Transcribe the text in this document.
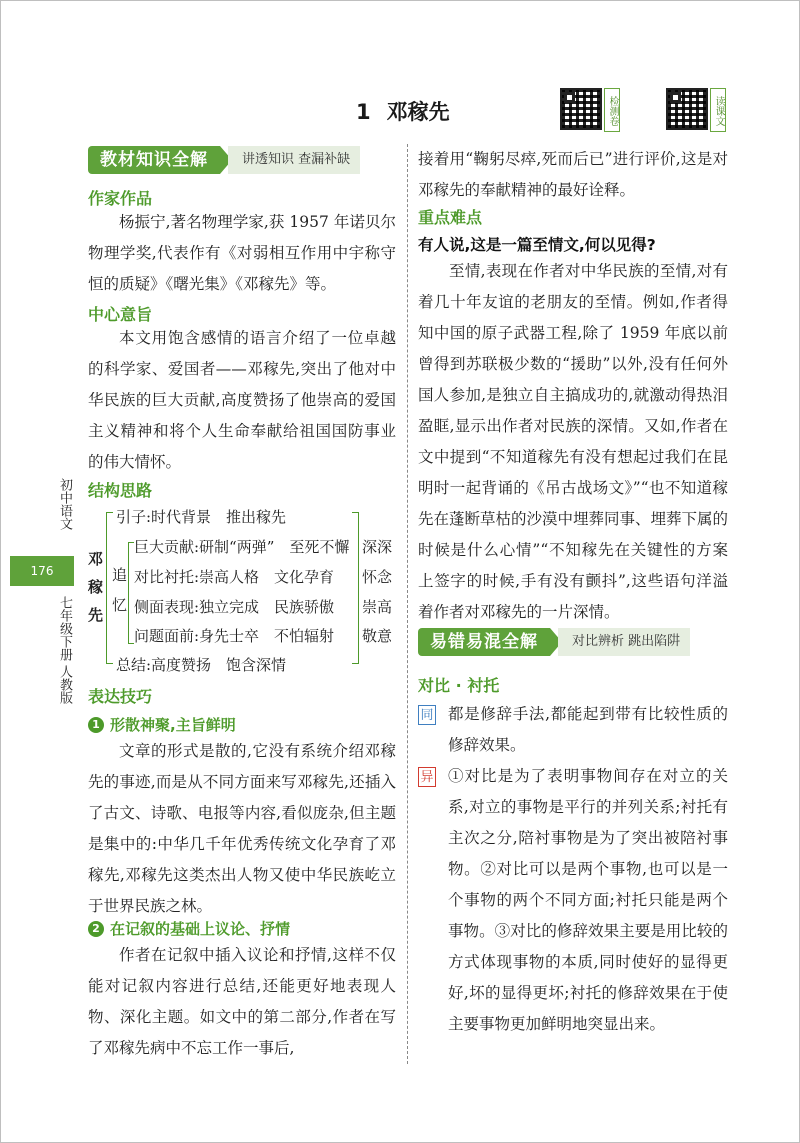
1 邓稼先	检测卷	读课文
初中语文
176
七年级下册 人教版
教材知识全解	讲透知识 查漏补缺
作家作品
杨振宁,著名物理学家,获 1957 年诺贝尔物理学奖,代表作有《对弱相互作用中宇称守恒的质疑》《曙光集》《邓稼先》等。
中心意旨
本文用饱含感情的语言介绍了一位卓越的科学家、爱国者——邓稼先,突出了他对中华民族的巨大贡献,高度赞扬了他崇高的爱国主义精神和将个人生命奉献给祖国国防事业的伟大情怀。
结构思路
邓
稼
先
引子:时代背景　推出稼先
追
忆
巨大贡献:研制“两弹”　至死不懈
对比衬托:崇高人格　文化孕育
侧面表现:独立完成　民族骄傲
问题面前:身先士卒　不怕辐射
总结:高度赞扬　饱含深情
深深
怀念
崇高
敬意
表达技巧
1 形散神聚,主旨鲜明
文章的形式是散的,它没有系统介绍邓稼先的事迹,而是从不同方面来写邓稼先,还插入了古文、诗歌、电报等内容,看似庞杂,但主题是集中的:中华几千年优秀传统文化孕育了邓稼先,邓稼先这类杰出人物又使中华民族屹立于世界民族之林。
2 在记叙的基础上议论、抒情
作者在记叙中插入议论和抒情,这样不仅能对记叙内容进行总结,还能更好地表现人物、深化主题。如文中的第二部分,作者在写了邓稼先病中不忘工作一事后,
接着用“鞠躬尽瘁,死而后已”进行评价,这是对邓稼先的奉献精神的最好诠释。
重点难点
有人说,这是一篇至情文,何以见得?
至情,表现在作者对中华民族的至情,对有着几十年友谊的老朋友的至情。例如,作者得知中国的原子武器工程,除了 1959 年底以前曾得到苏联极少数的“援助”以外,没有任何外国人参加,是独立自主搞成功的,就激动得热泪盈眶,显示出作者对民族的深情。又如,作者在文中提到“不知道稼先有没有想起过我们在昆明时一起背诵的《吊古战场文》”“也不知道稼先在蓬断草枯的沙漠中埋葬同事、埋葬下属的时候是什么心情”“不知稼先在关键性的方案上签字的时候,手有没有颤抖”,这些语句洋溢着作者对邓稼先的一片深情。
易错易混全解	对比辨析 跳出陷阱
对比 · 衬托
同 都是修辞手法,都能起到带有比较性质的修辞效果。
异 ①对比是为了表明事物间存在对立的关系,对立的事物是平行的并列关系;衬托有主次之分,陪衬事物是为了突出被陪衬事物。②对比可以是两个事物,也可以是一个事物的两个不同方面;衬托只能是两个事物。③对比的修辞效果主要是用比较的方式体现事物的本质,同时使好的显得更好,坏的显得更坏;衬托的修辞效果在于使主要事物更加鲜明地突显出来。
